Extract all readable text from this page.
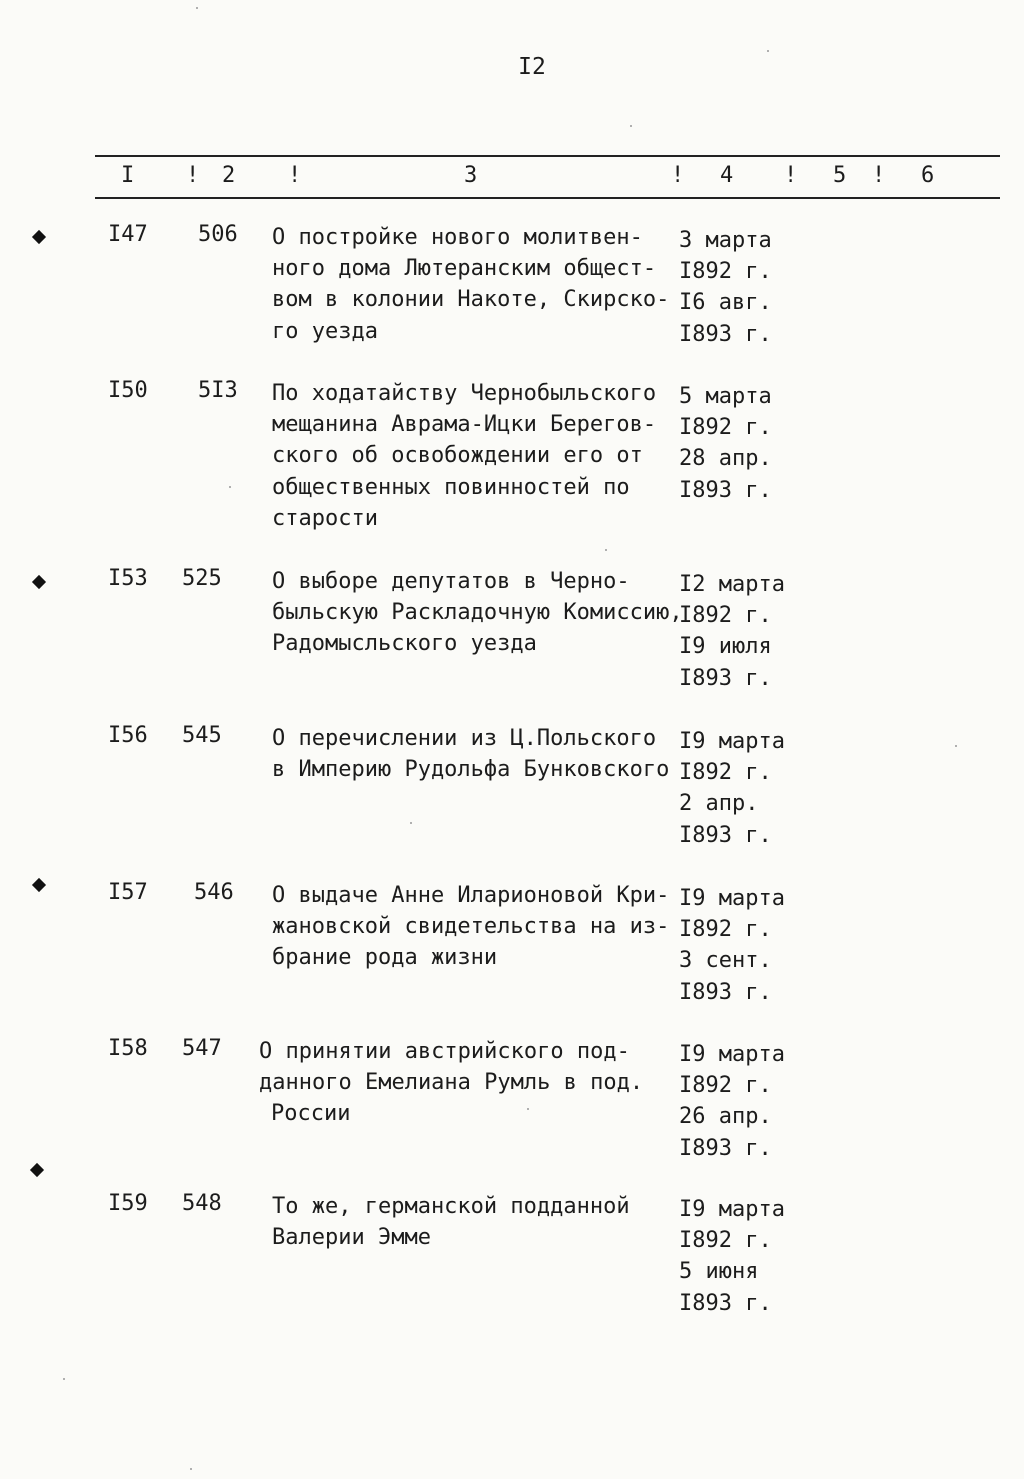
I2
I ! 2 !	3	! 4 ! 5 ! 6
I47 506 О постройке нового молитвен-
ного дома Лютеранским общест-
вом в колонии Накоте, Скирско-
го уезда
3 марта
I892 г.
I6 авг.
I893 г.
I50 5I3 По ходатайству Чернобыльского
мещанина Аврама-Ицки Берегов-
ского об освобождении его от
общественных повинностей по
старости
5 марта
I892 г.
28 апр.
I893 г.
I53 525 О выборе депутатов в Черно-
быльскую Раскладочную Комиссию,
Радомысльского уезда
I2 марта
I892 г.
I9 июля
I893 г.
I56 545 О перечислении из Ц.Польского
в Империю Рудольфа Бунковского
I9 марта
I892 г.
2 апр.
I893 г.
I57 546 О выдаче Анне Иларионовой Кри-
жановской свидетельства на из-
брание рода жизни
I9 марта
I892 г.
3 сент.
I893 г.
I58 547 О принятии австрийского под-
данного Емелиана Румль в под.
России
I9 марта
I892 г.
26 апр.
I893 г.
I59 548 То же, германской подданной
Валерии Эмме
I9 марта
I892 г.
5 июня
I893 г.
